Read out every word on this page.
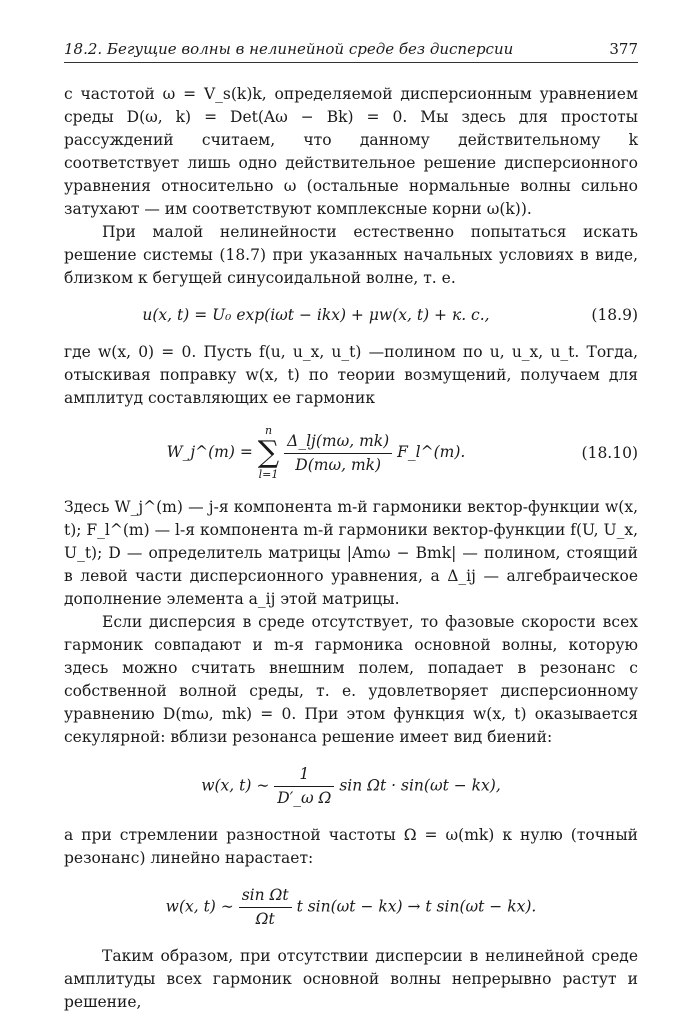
18.2. Бегущие волны в нелинейной среде без дисперсии	377

с частотой ω = V_s(k)k, определяемой дисперсионным уравнением среды D(ω, k) = Det(Aω − Bk) = 0. Мы здесь для простоты рассуждений считаем, что данному действительному k соответствует лишь одно действительное решение дисперсионного уравнения относительно ω (остальные нормальные волны сильно затухают — им соответствуют комплексные корни ω(k)).

При малой нелинейности естественно попытаться искать решение системы (18.7) при указанных начальных условиях в виде, близком к бегущей синусоидальной волне, т. е.

u(x, t) = U₀ exp(iωt − ikx) + μw(x, t) + к. с.,	(18.9)

где w(x, 0) = 0. Пусть f(u, u_x, u_t) —полином по u, u_x, u_t. Тогда, отыскивая поправку w(x, t) по теории возмущений, получаем для амплитуд составляющих ее гармоник

W_j^(m) =
n
∑
l=1
$\frac{\Delta\_lj(m\omega, mk)}{D(m\omega, mk)}$ F_l^(m).	(18.10)

Здесь W_j^(m) — j-я компонента m-й гармоники вектор-функции w(x, t); F_l^(m) — l-я компонента m-й гармоники вектор-функции f(U, U_x, U_t); D — определитель матрицы |Amω − Bmk| — полином, стоящий в левой части дисперсионного уравнения, а Δ_ij — алгебраическое дополнение элемента a_ij этой матрицы.

Если дисперсия в среде отсутствует, то фазовые скорости всех гармоник совпадают и m-я гармоника основной волны, которую здесь можно считать внешним полем, попадает в резонанс с собственной волной среды, т. е. удовлетворяет дисперсионному уравнению D(mω, mk) = 0. При этом функция w(x, t) оказывается секулярной: вблизи резонанса решение имеет вид биений:

w(x, t) ∼ $\frac{1}{\text{D′\_ω Ω}}$ sin Ωt · sin(ωt − kx),

а при стремлении разностной частоты Ω = ω(mk) к нулю (точный резонанс) линейно нарастает:

w(x, t) ∼ $\frac{\text{sin Ωt}}{\Omega t}$ t sin(ωt − kx) → t sin(ωt − kx).

Таким образом, при отсутствии дисперсии в нелинейной среде амплитуды всех гармоник основной волны непрерывно растут и решение,
